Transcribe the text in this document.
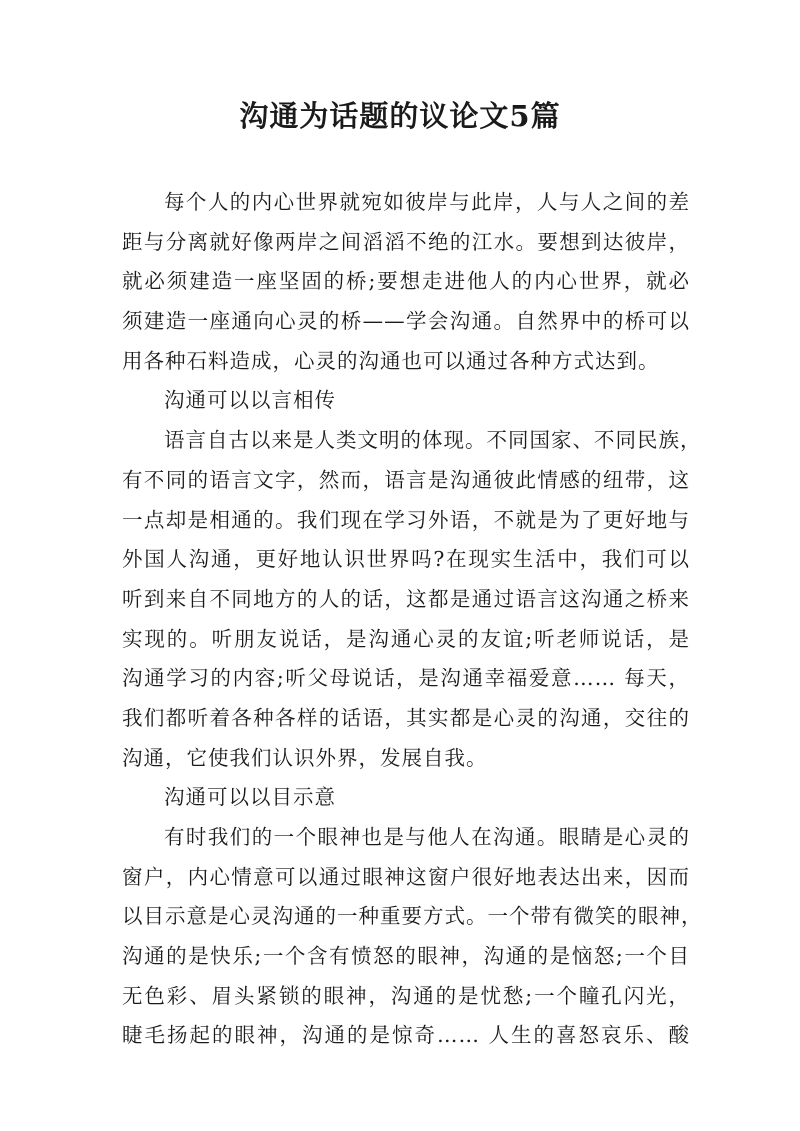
沟通为话题的议论文5篇
每个人的内心世界就宛如彼岸与此岸，人与人之间的差
距与分离就好像两岸之间滔滔不绝的江水。要想到达彼岸，
就必须建造一座坚固的桥;要想走进他人的内心世界，就必
须建造一座通向心灵的桥——学会沟通。自然界中的桥可以
用各种石料造成，心灵的沟通也可以通过各种方式达到。
沟通可以以言相传
语言自古以来是人类文明的体现。不同国家、不同民族，
有不同的语言文字，然而，语言是沟通彼此情感的纽带，这
一点却是相通的。我们现在学习外语，不就是为了更好地与
外国人沟通，更好地认识世界吗?在现实生活中，我们可以
听到来自不同地方的人的话，这都是通过语言这沟通之桥来
实现的。听朋友说话，是沟通心灵的友谊;听老师说话，是
沟通学习的内容;听父母说话，是沟通幸福爱意…… 每天，
我们都听着各种各样的话语，其实都是心灵的沟通，交往的
沟通，它使我们认识外界，发展自我。
沟通可以以目示意
有时我们的一个眼神也是与他人在沟通。眼睛是心灵的
窗户，内心情意可以通过眼神这窗户很好地表达出来，因而
以目示意是心灵沟通的一种重要方式。一个带有微笑的眼神，
沟通的是快乐;一个含有愤怒的眼神，沟通的是恼怒;一个目
无色彩、眉头紧锁的眼神，沟通的是忧愁;一个瞳孔闪光，
睫毛扬起的眼神，沟通的是惊奇…… 人生的喜怒哀乐、酸
